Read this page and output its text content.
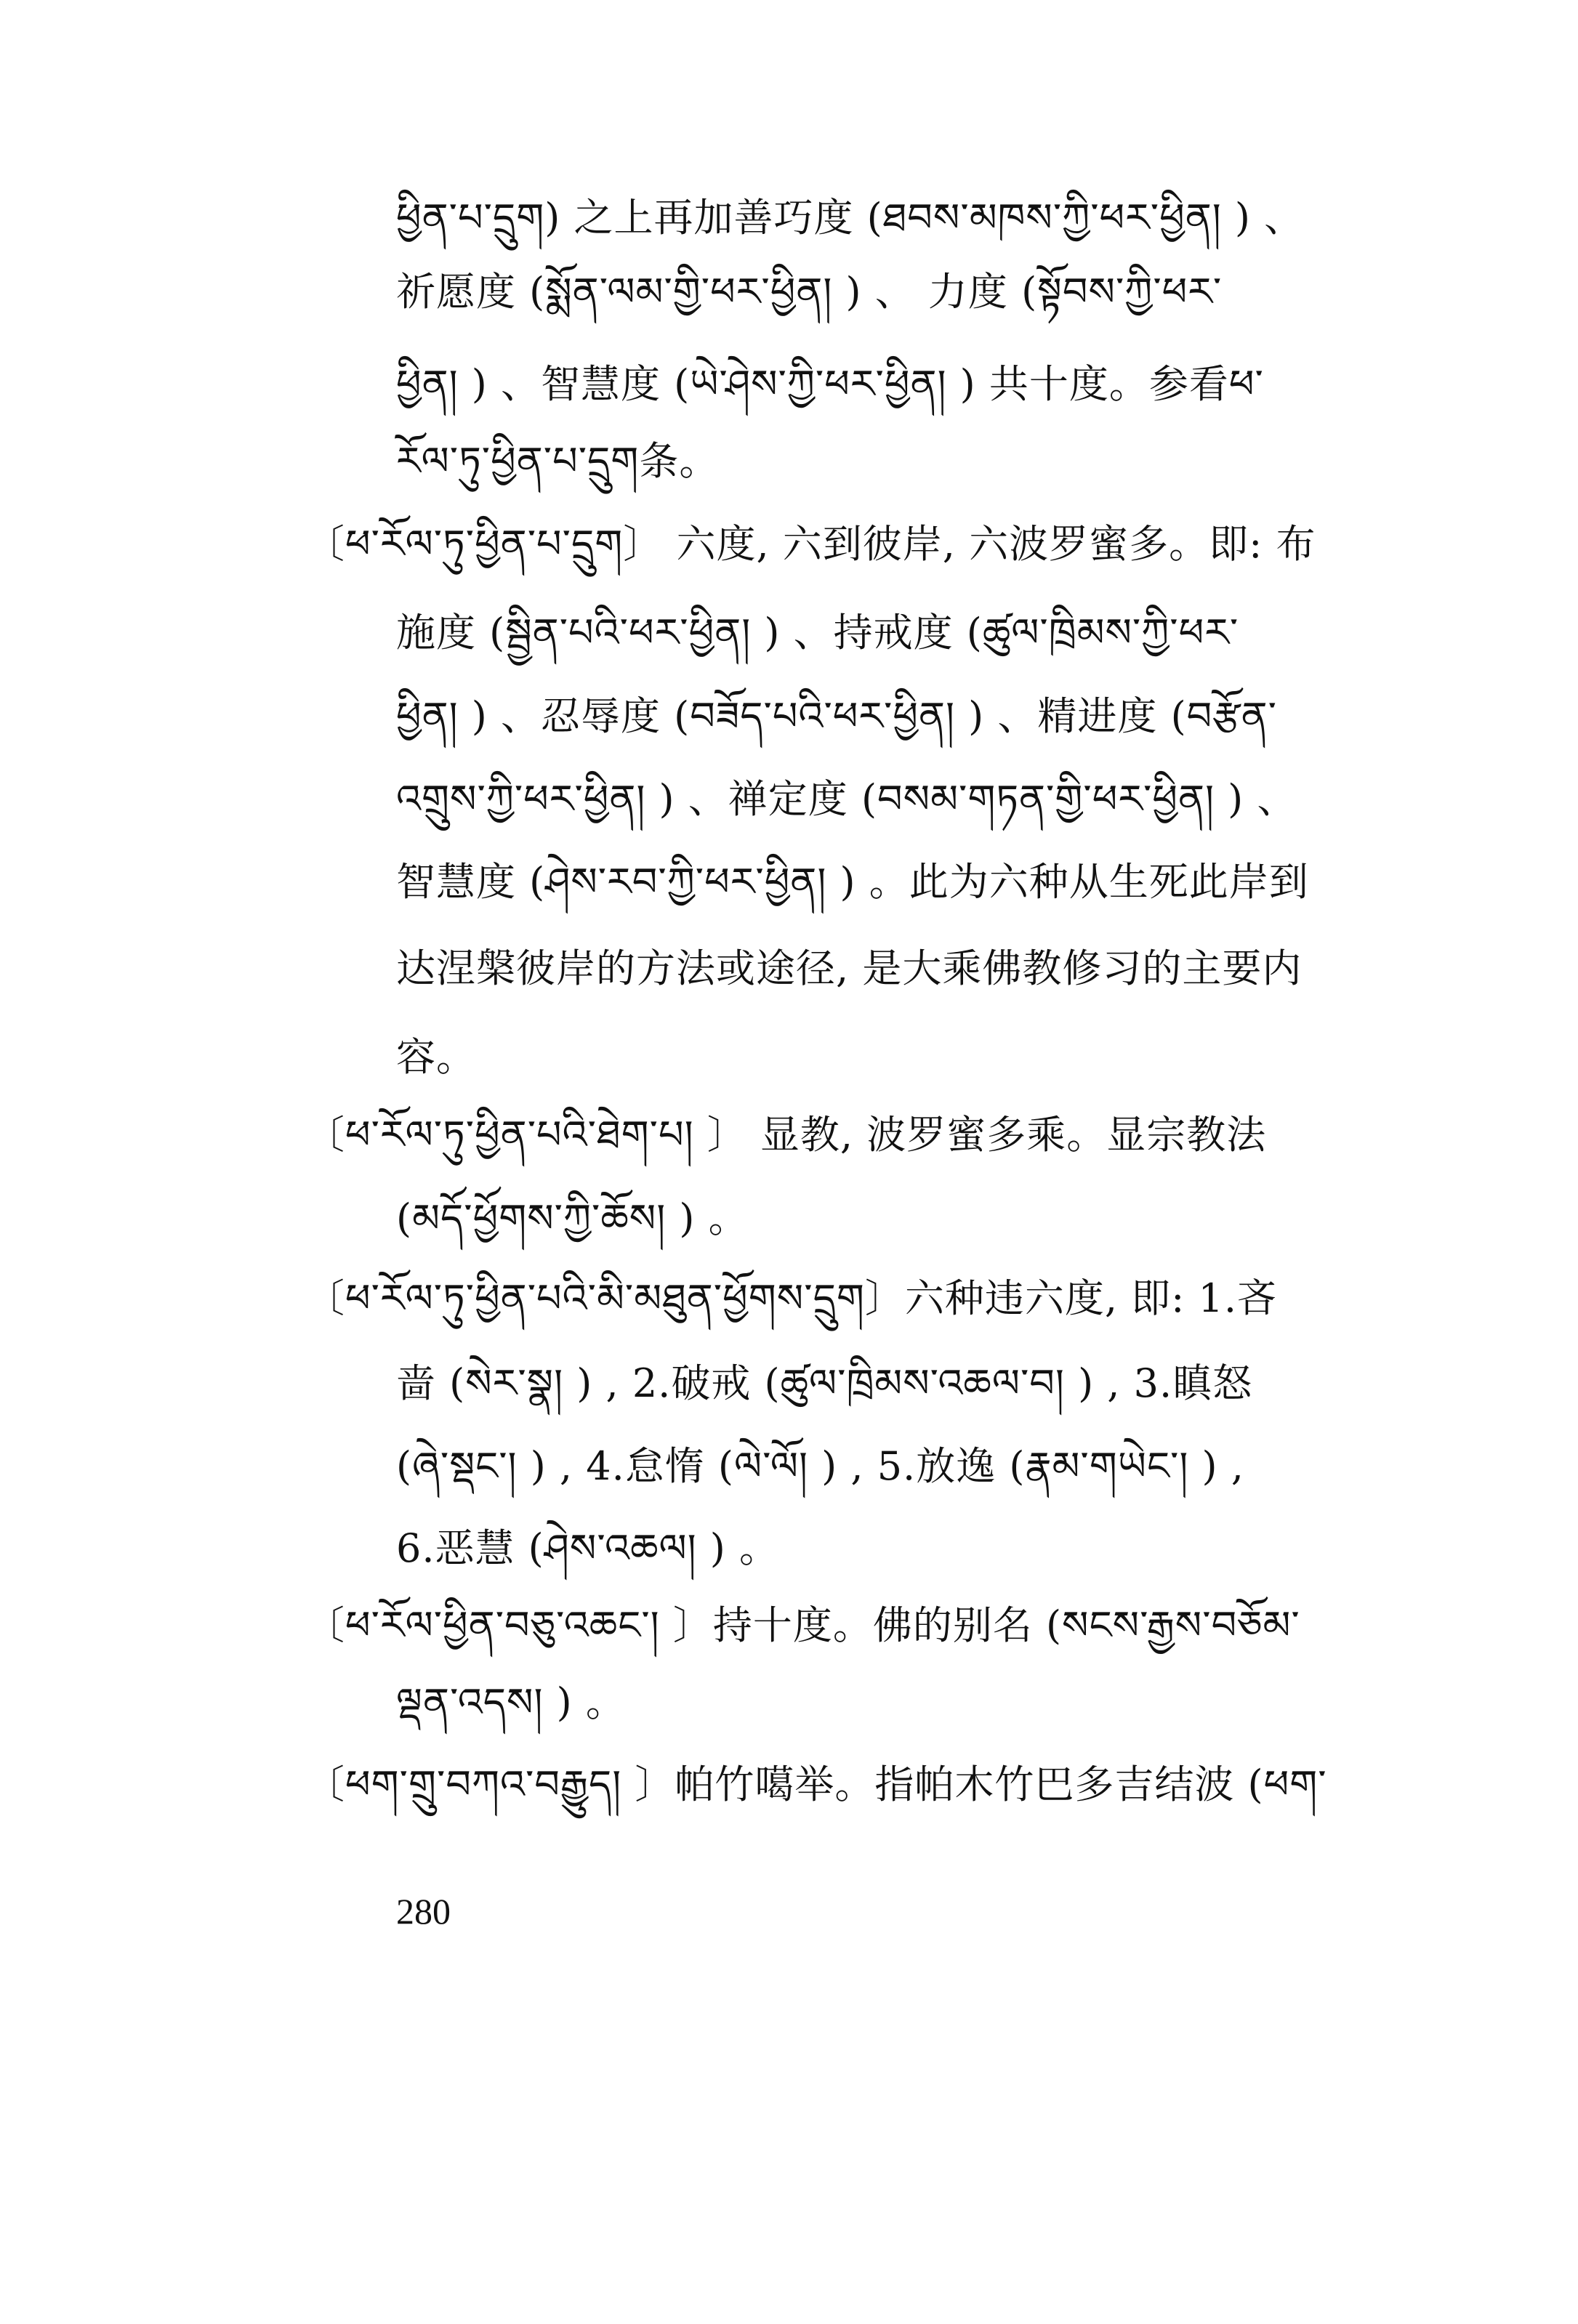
ཕྱིན་པ་དྲུག) 之上再加善巧度 (ཐབས་མཁས་ཀྱི་ཕར་ཕྱིན། ) 、
祈愿度 (སྨོན་ལམ་གྱི་ཕར་ཕྱིན། ) 、 力度 (སྟོབས་ཀྱི་ཕར་
ཕྱིན། ) 、智慧度 (ཡེ་ཤེས་ཀྱི་ཕར་ཕྱིན། ) 共十度。参看ཕ་
རོལ་ཏུ་ཕྱིན་པ་དྲུག条。
〔ཕ་རོལ་ཏུ་ཕྱིན་པ་དྲུག〕 六度, 六到彼岸, 六波罗蜜多。即: 布
施度 (སྦྱིན་པའི་ཕར་ཕྱིན། ) 、持戒度 (ཚུལ་ཁྲིམས་ཀྱི་ཕར་
ཕྱིན། ) 、忍辱度 (བཟོད་པའི་ཕར་ཕྱིན། ) 、精进度 (བརྩོན་
འགྲུས་ཀྱི་ཕར་ཕྱིན། ) 、禅定度 (བསམ་གཏན་གྱི་ཕར་ཕྱིན། ) 、
智慧度 (ཤེས་རབ་ཀྱི་ཕར་ཕྱིན། ) 。此为六种从生死此岸到
达涅槃彼岸的方法或途径, 是大乘佛教修习的主要内
容。
〔ཕ་རོལ་ཏུ་ཕྱིན་པའི་ཐེག་པ། 〕 显教, 波罗蜜多乘。显宗教法
(མདོ་ཕྱོགས་ཀྱི་ཆོས། ) 。
〔ཕ་རོལ་ཏུ་ཕྱིན་པའི་མི་མཐུན་ཕྱོགས་དྲུག〕六种违六度, 即: 1.吝
啬 (སེར་སྣ། ) , 2.破戒 (ཚུལ་ཁྲིམས་འཆལ་བ། ) , 3.瞋怒
(ཞེ་སྡང་། ) , 4.怠惰 (ལེ་ལོ། ) , 5.放逸 (རྣམ་གཡེང་། ) ,
6.恶慧 (ཤེས་འཆལ། ) 。
〔ཕ་རོལ་ཕྱིན་བཅུ་འཆང་། 〕持十度。佛的别名 (སངས་རྒྱས་བཅོམ་
ལྡན་འདས། ) 。
〔ཕག་གྲུ་བཀའ་བརྒྱུད། 〕帕竹噶举。指帕木竹巴多吉结波 (ཕག་
280
